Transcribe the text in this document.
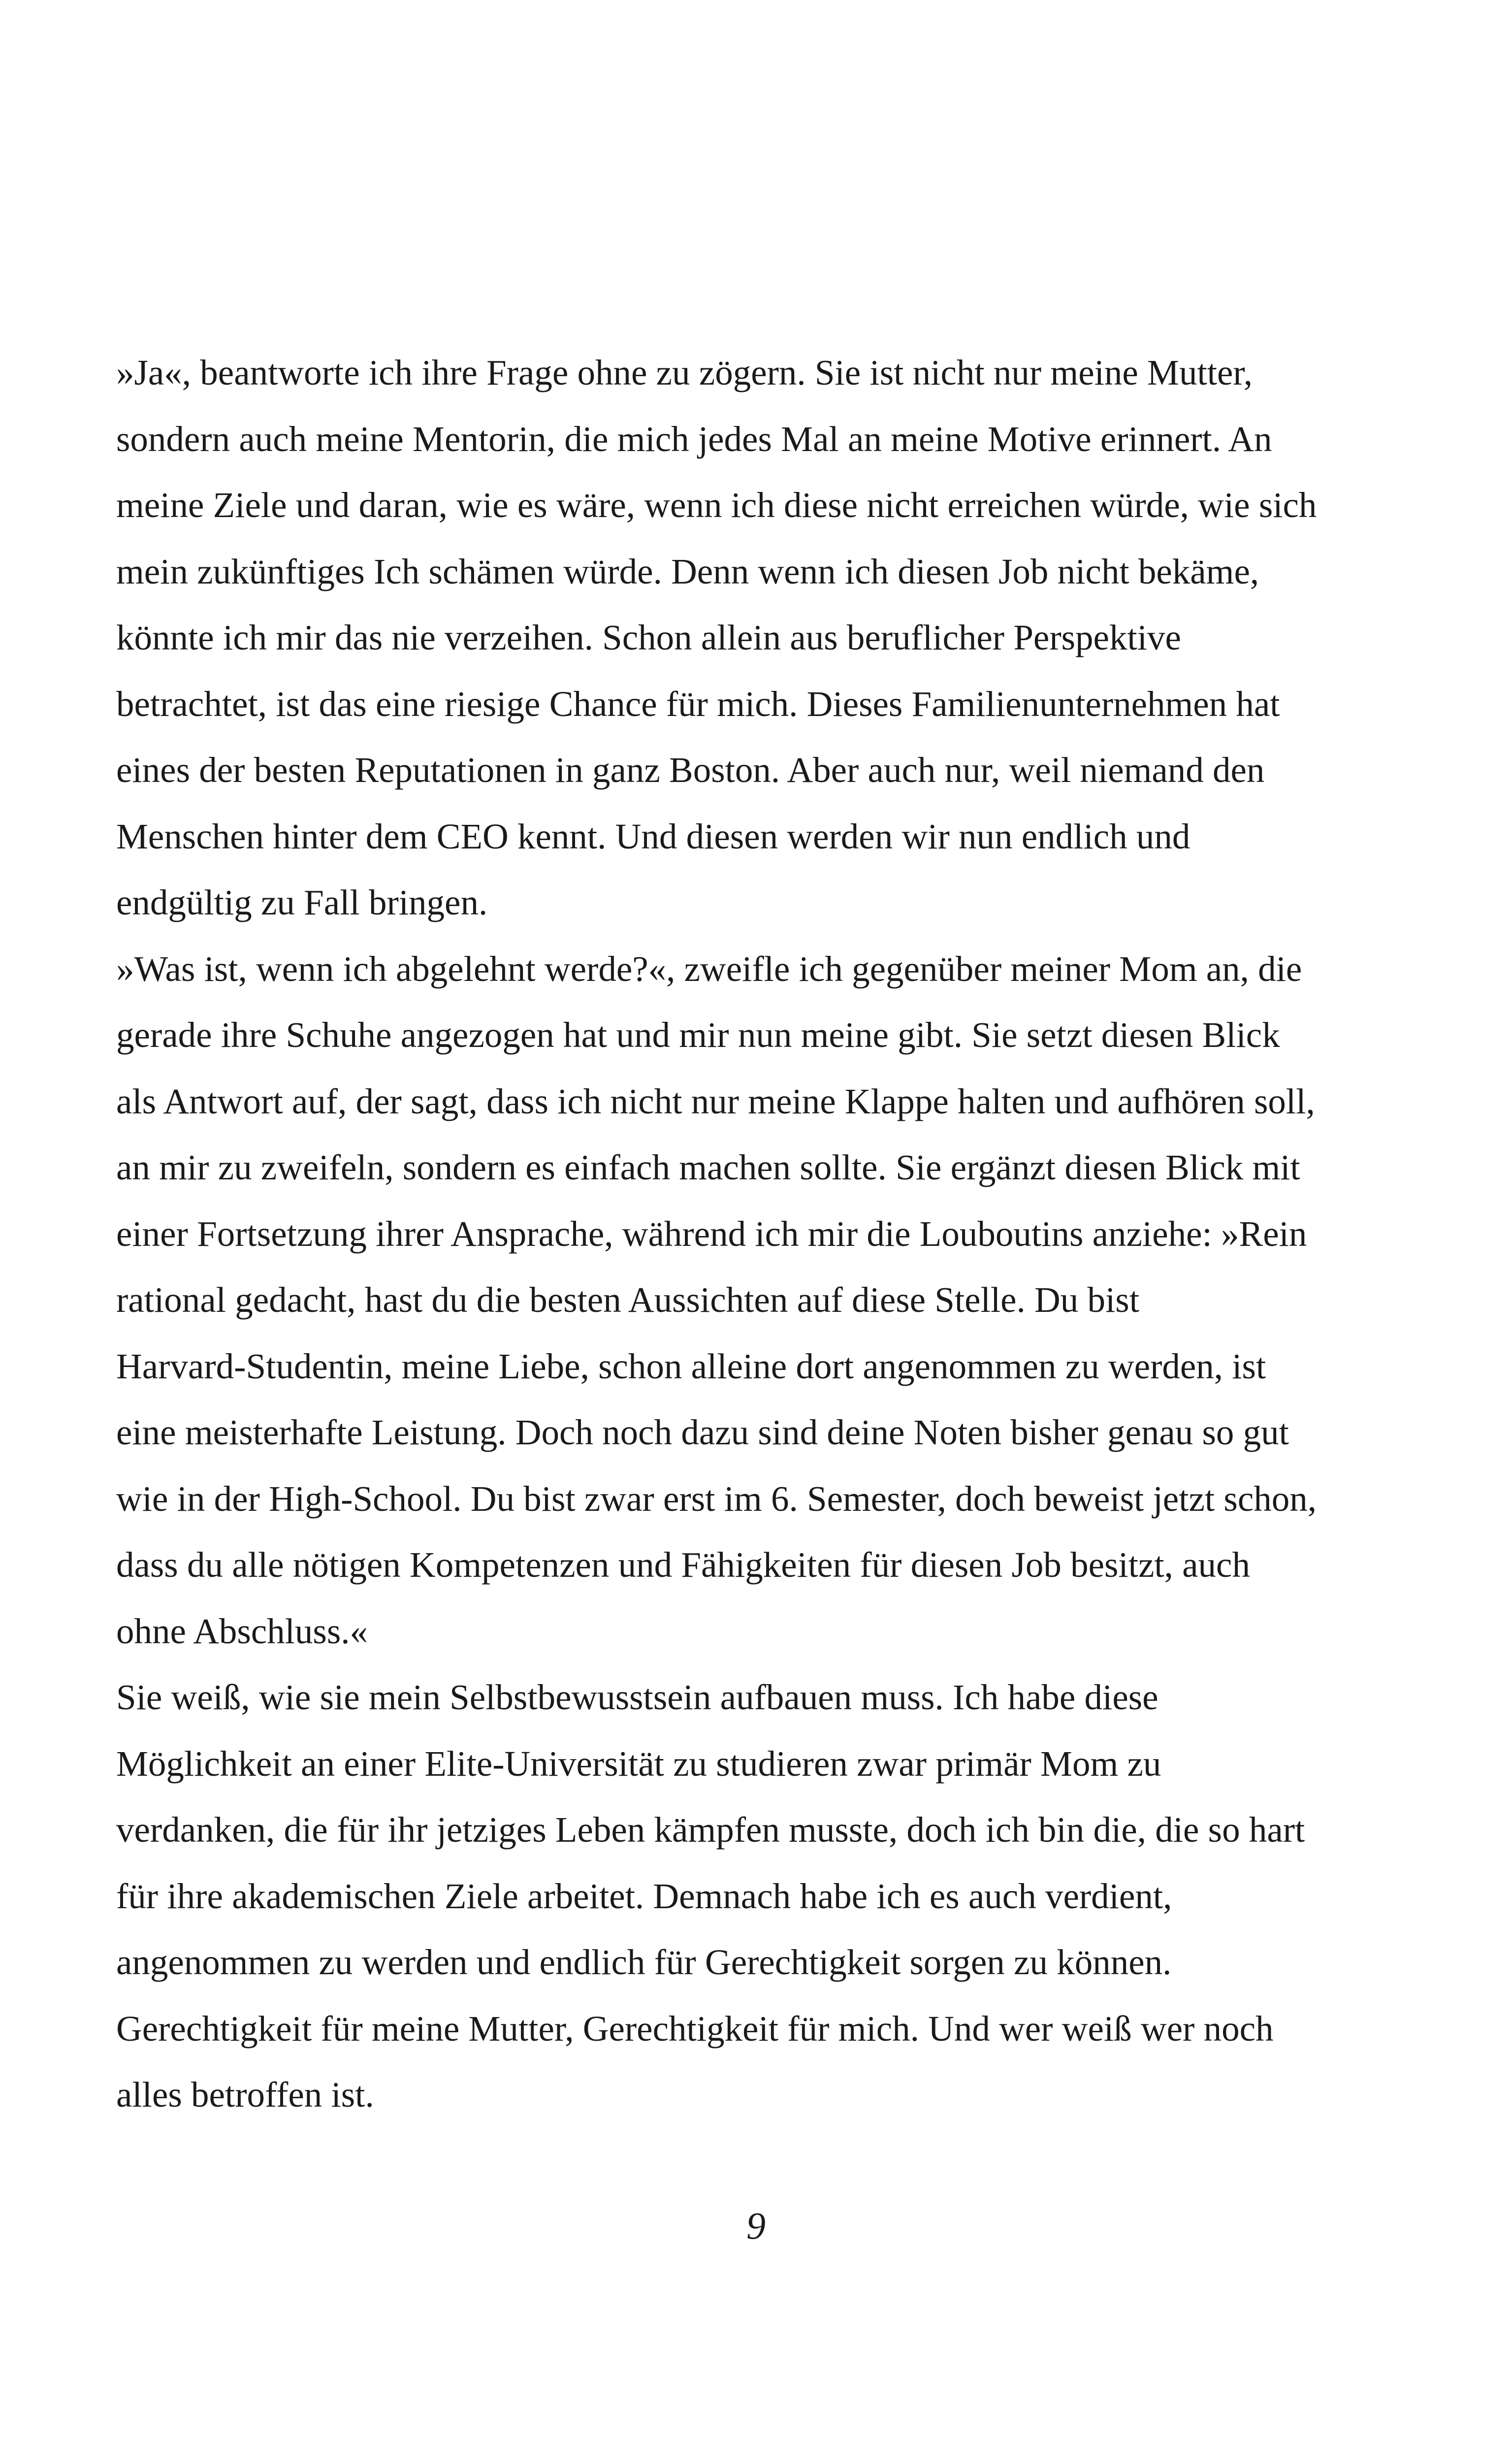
»Ja«, beantworte ich ihre Frage ohne zu zögern. Sie ist nicht nur meine Mutter,
sondern auch meine Mentorin, die mich jedes Mal an meine Motive erinnert. An
meine Ziele und daran, wie es wäre, wenn ich diese nicht erreichen würde, wie sich
mein zukünftiges Ich schämen würde. Denn wenn ich diesen Job nicht bekäme,
könnte ich mir das nie verzeihen. Schon allein aus beruflicher Perspektive
betrachtet, ist das eine riesige Chance für mich. Dieses Familienunternehmen hat
eines der besten Reputationen in ganz Boston. Aber auch nur, weil niemand den
Menschen hinter dem CEO kennt. Und diesen werden wir nun endlich und
endgültig zu Fall bringen.
»Was ist, wenn ich abgelehnt werde?«, zweifle ich gegenüber meiner Mom an, die
gerade ihre Schuhe angezogen hat und mir nun meine gibt. Sie setzt diesen Blick
als Antwort auf, der sagt, dass ich nicht nur meine Klappe halten und aufhören soll,
an mir zu zweifeln, sondern es einfach machen sollte. Sie ergänzt diesen Blick mit
einer Fortsetzung ihrer Ansprache, während ich mir die Louboutins anziehe: »Rein
rational gedacht, hast du die besten Aussichten auf diese Stelle. Du bist
Harvard-Studentin, meine Liebe, schon alleine dort angenommen zu werden, ist
eine meisterhafte Leistung. Doch noch dazu sind deine Noten bisher genau so gut
wie in der High-School. Du bist zwar erst im 6. Semester, doch beweist jetzt schon,
dass du alle nötigen Kompetenzen und Fähigkeiten für diesen Job besitzt, auch
ohne Abschluss.«
Sie weiß, wie sie mein Selbstbewusstsein aufbauen muss. Ich habe diese
Möglichkeit an einer Elite-Universität zu studieren zwar primär Mom zu
verdanken, die für ihr jetziges Leben kämpfen musste, doch ich bin die, die so hart
für ihre akademischen Ziele arbeitet. Demnach habe ich es auch verdient,
angenommen zu werden und endlich für Gerechtigkeit sorgen zu können.
Gerechtigkeit für meine Mutter, Gerechtigkeit für mich. Und wer weiß wer noch
alles betroffen ist.
9
